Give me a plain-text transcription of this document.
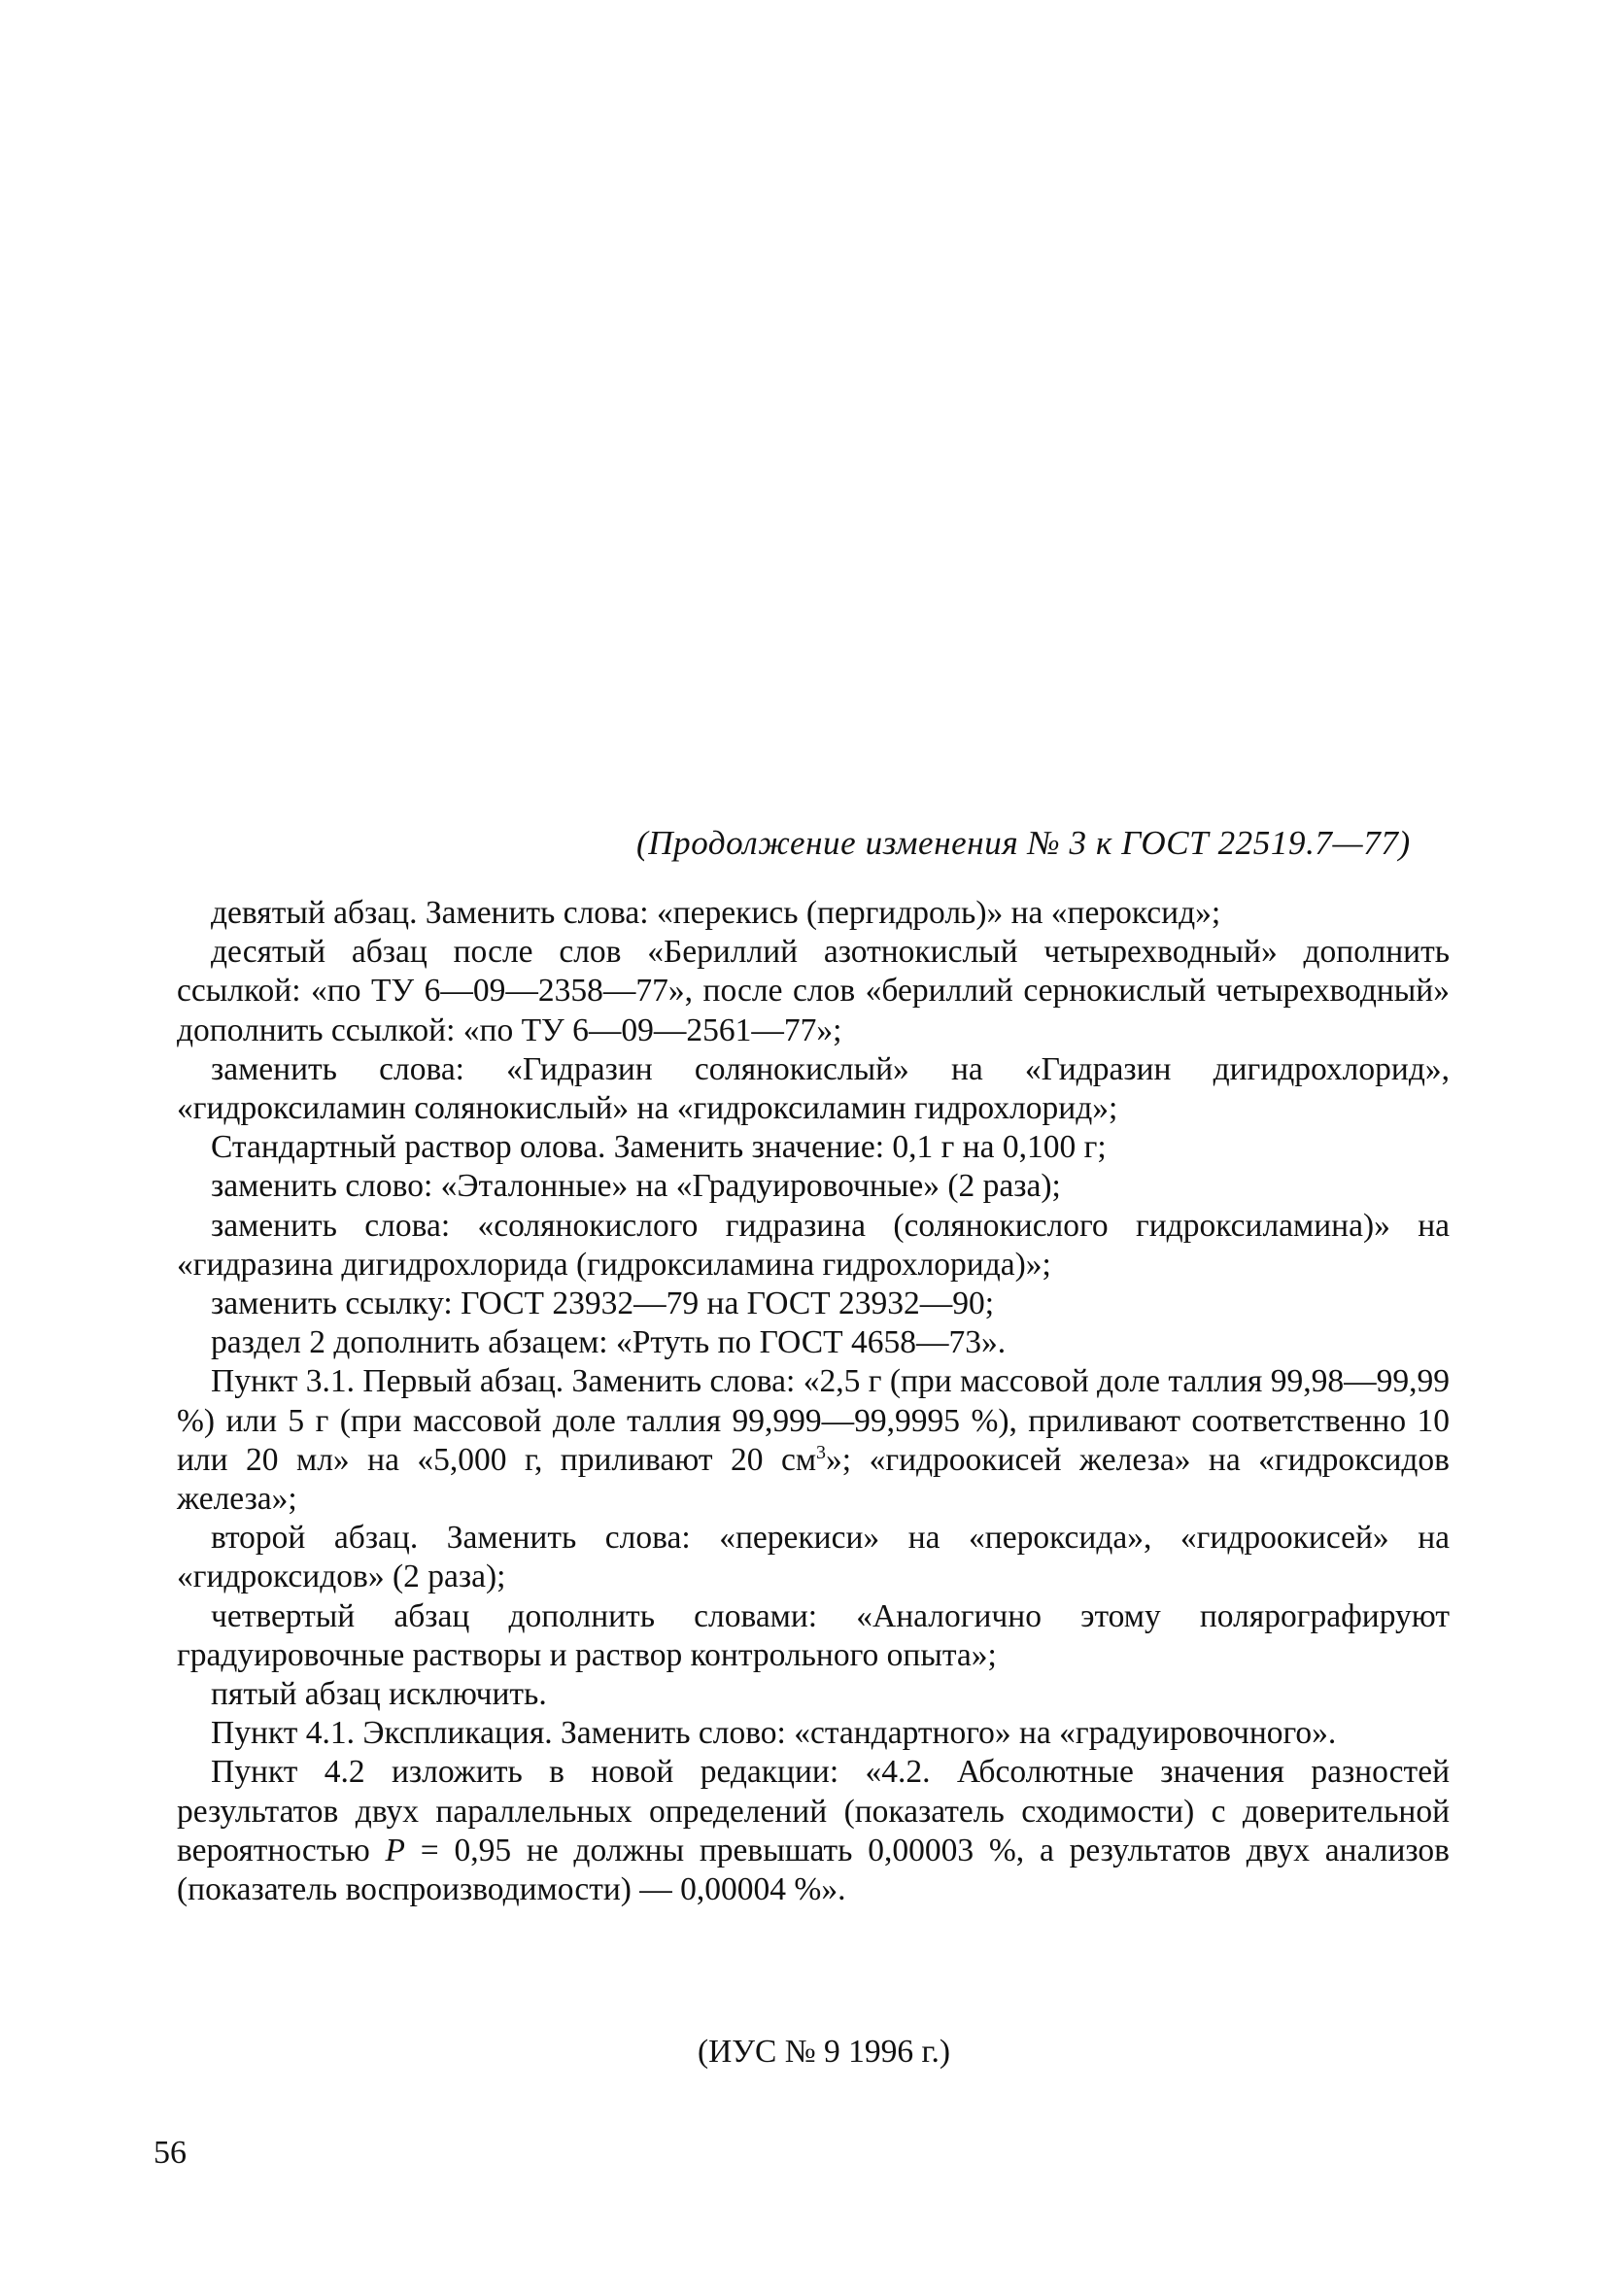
(Продолжение изменения № 3 к ГОСТ 22519.7—77)

девятый абзац. Заменить слова: «перекись (пергидроль)» на «пероксид»;

десятый абзац после слов «Бериллий азотнокислый четырехводный» дополнить ссылкой: «по ТУ 6—09—2358—77», после слов «бериллий сернокислый четырехводный» дополнить ссылкой: «по ТУ 6—09—2561—77»;

заменить слова: «Гидразин солянокислый» на «Гидразин дигидрохлорид», «гидроксиламин солянокислый» на «гидроксиламин гидрохлорид»;

Стандартный раствор олова. Заменить значение: 0,1 г на 0,100 г;

заменить слово: «Эталонные» на «Градуировочные» (2 раза);

заменить слова: «солянокислого гидразина (солянокислого гидроксиламина)» на «гидразина дигидрохлорида (гидроксиламина гидрохлорида)»;

заменить ссылку: ГОСТ 23932—79 на ГОСТ 23932—90;

раздел 2 дополнить абзацем: «Ртуть по ГОСТ 4658—73».

Пункт 3.1. Первый абзац. Заменить слова: «2,5 г (при массовой доле таллия 99,98—99,99 %) или 5 г (при массовой доле таллия 99,999—99,9995 %), приливают соответственно 10 или 20 мл» на «5,000 г, приливают 20 $см^3$»; «гидроокисей железа» на «гидроксидов железа»;

второй абзац. Заменить слова: «перекиси» на «пероксида», «гидроокисей» на «гидроксидов» (2 раза);

четвертый абзац дополнить словами: «Аналогично этому полярографируют градуировочные растворы и раствор контрольного опыта»;

пятый абзац исключить.

Пункт 4.1. Экспликация. Заменить слово: «стандартного» на «градуировочного».

Пункт 4.2 изложить в новой редакции: «4.2. Абсолютные значения разностей результатов двух параллельных определений (показатель сходимости) с доверительной вероятностью P = 0,95 не должны превышать 0,00003 %, а результатов двух анализов (показатель воспроизводимости) — 0,00004 %».

(ИУС № 9 1996 г.)
56
